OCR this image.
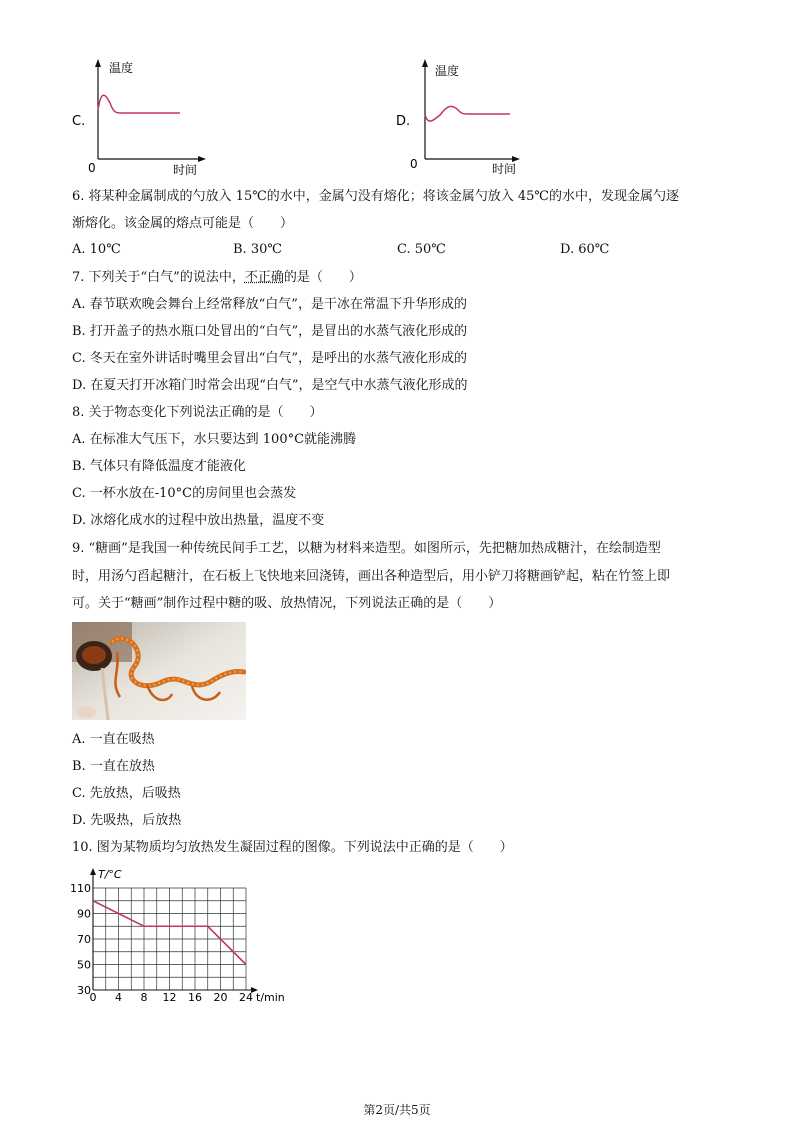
温度
C.
0	时间
温度
D.
0	时间
6. 将某种金属制成的勺放入 15℃的水中，金属勺没有熔化；将该金属勺放入 45℃的水中，发现金属勺逐
渐熔化。该金属的熔点可能是（　　）
A. 10℃	B. 30℃	C. 50℃	D. 60℃
7. 下列关于“白气”的说法中，不正确的是（　　）
A. 春节联欢晚会舞台上经常释放“白气”，是干冰在常温下升华形成的
B. 打开盖子的热水瓶口处冒出的“白气”，是冒出的水蒸气液化形成的
C. 冬天在室外讲话时嘴里会冒出“白气”，是呼出的水蒸气液化形成的
D. 在夏天打开冰箱门时常会出现“白气”，是空气中水蒸气液化形成的
8. 关于物态变化下列说法正确的是（　　）
A. 在标准大气压下，水只要达到 100°C就能沸腾
B. 气体只有降低温度才能液化
C. 一杯水放在-10°C的房间里也会蒸发
D. 冰熔化成水的过程中放出热量，温度不变
9. “糖画”是我国一种传统民间手工艺，以糖为材料来造型。如图所示，先把糖加热成糖汁，在绘制造型
时，用汤勺舀起糖汁，在石板上飞快地来回浇铸，画出各种造型后，用小铲刀将糖画铲起，粘在竹签上即
可。关于“糖画”制作过程中糖的吸、放热情况，下列说法正确的是（　　）
A. 一直在吸热
B. 一直在放热
C. 先放热，后吸热
D. 先吸热，后放热
10. 图为某物质均匀放热发生凝固过程的图像。下列说法中正确的是（　　）
0 4 8 12 16 20 24
30
50
70
90
110
T/°C
t/min
第2页/共5页
